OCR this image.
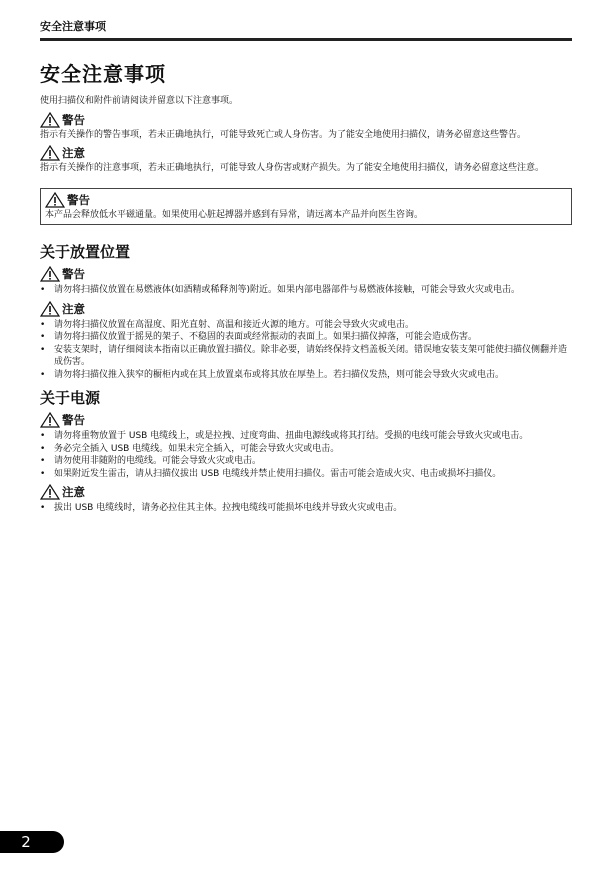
安全注意事项
安全注意事项

使用扫描仪和附件前请阅读并留意以下注意事项。

警告

指示有关操作的警告事项，若未正确地执行，可能导致死亡或人身伤害。为了能安全地使用扫描仪，请务必留意这些警告。

注意

指示有关操作的注意事项，若未正确地执行，可能导致人身伤害或财产损失。为了能安全地使用扫描仪，请务必留意这些注意。

警告

本产品会释放低水平磁通量。如果使用心脏起搏器并感到有异常，请远离本产品并向医生咨询。

关于放置位置
警告
• 请勿将扫描仪放置在易燃液体(如酒精或稀释剂等)附近。如果内部电器部件与易燃液体接触，可能会导致火灾或电击。
注意
• 请勿将扫描仪放置在高湿度、阳光直射、高温和接近火源的地方。可能会导致火灾或电击。
• 请勿将扫描仪放置于摇晃的架子、不稳固的表面或经常振动的表面上。如果扫描仪掉落，可能会造成伤害。
• 安装支架时，请仔细阅读本指南以正确放置扫描仪。除非必要，请始终保持文档盖板关闭。错误地安装支架可能使扫描仪侧翻并造成伤害。
• 请勿将扫描仪推入狭窄的橱柜内或在其上放置桌布或将其放在厚垫上。若扫描仪发热，则可能会导致火灾或电击。
关于电源
警告
• 请勿将重物放置于 USB 电缆线上，或是拉拽、过度弯曲、扭曲电源线或将其打结。受损的电线可能会导致火灾或电击。
• 务必完全插入 USB 电缆线。如果未完全插入，可能会导致火灾或电击。
• 请勿使用非随附的电缆线。可能会导致火灾或电击。
• 如果附近发生雷击，请从扫描仪拔出 USB 电缆线并禁止使用扫描仪。雷击可能会造成火灾、电击或损坏扫描仪。
注意
• 拔出 USB 电缆线时，请务必拉住其主体。拉拽电缆线可能损坏电线并导致火灾或电击。
2
